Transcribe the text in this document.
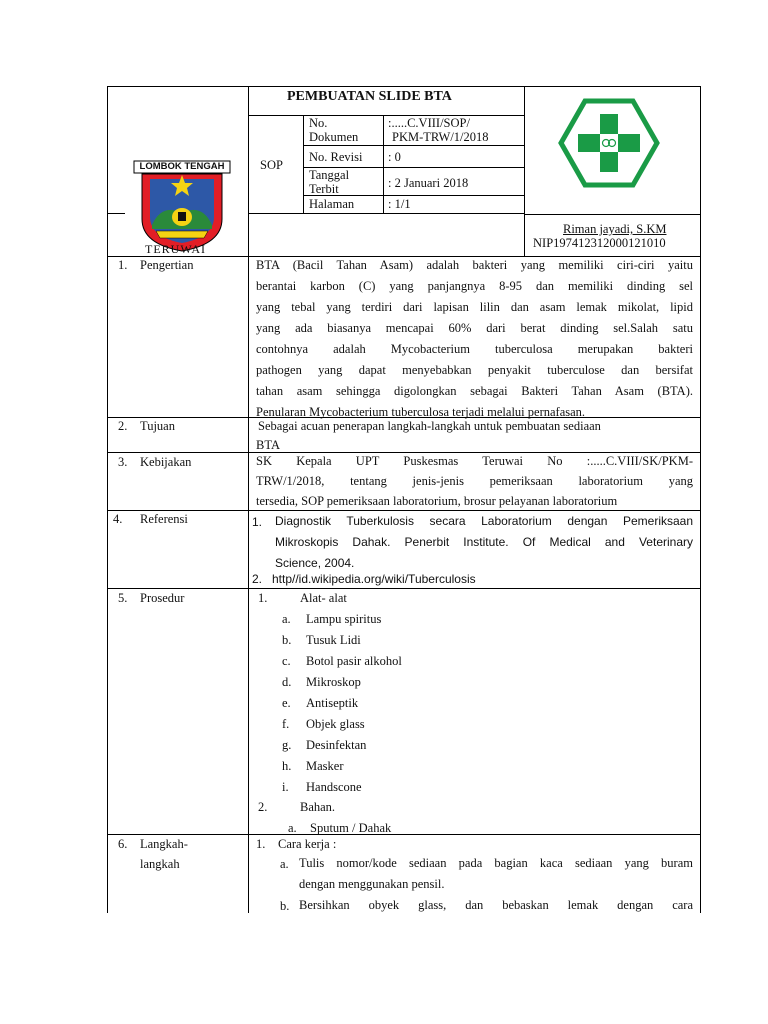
LOMBOK TENGAH
TERUWAI
PEMBUATAN SLIDE BTA
SOP
No.
Dokumen
:.....C.VIII/SOP/
PKM-TRW/1/2018
No. Revisi : 0
Tanggal
Terbit	: 2 Januari 2018
Halaman	: 1/1
Riman jayadi, S.KM
NIP197412312000121010
1. Pengertian	BTA (Bacil Tahan Asam) adalah bakteri yang memiliki ciri-ciri yaitu
berantai karbon (C) yang panjangnya 8-95 dan memiliki dinding sel
yang tebal yang terdiri dari lapisan lilin dan asam lemak mikolat, lipid
yang ada biasanya mencapai 60% dari berat dinding sel.Salah satu
contohnya adalah Mycobacterium tuberculosa merupakan bakteri
pathogen yang dapat menyebabkan penyakit tuberculose dan bersifat
tahan asam sehingga digolongkan sebagai Bakteri Tahan Asam (BTA).
Penularan Mycobacterium tuberculosa terjadi melalui pernafasan.
2. Tujuan	Sebagai acuan penerapan langkah-langkah untuk pembuatan sediaan
BTA
3. Kebijakan	SK Kepala UPT Puskesmas Teruwai No :.....C.VIII/SK/PKM-
TRW/1/2018, tentang jenis-jenis pemeriksaan laboratorium yang
tersedia, SOP pemeriksaan laboratorium, brosur pelayanan laboratorium
4. Referensi	1. Diagnostik Tuberkulosis secara Laboratorium dengan Pemeriksaan
Mikroskopis Dahak. Penerbit Institute. Of Medical and Veterinary
Science, 2004.
2. http//id.wikipedia.org/wiki/Tuberculosis
5. Prosedur	1.	Alat- alat
a. Lampu spiritus
b. Tusuk Lidi
c. Botol pasir alkohol
d. Mikroskop
e. Antiseptik
f. Objek glass
g. Desinfektan
h. Masker
i. Handscone
2.	Bahan.
a. Sputum / Dahak
6. Langkah-
langkah
1. Cara kerja :
a. Tulis nomor/kode sediaan pada bagian kaca sediaan yang buram
dengan menggunakan pensil.
b. Bersihkan obyek glass, dan bebaskan lemak dengan cara
